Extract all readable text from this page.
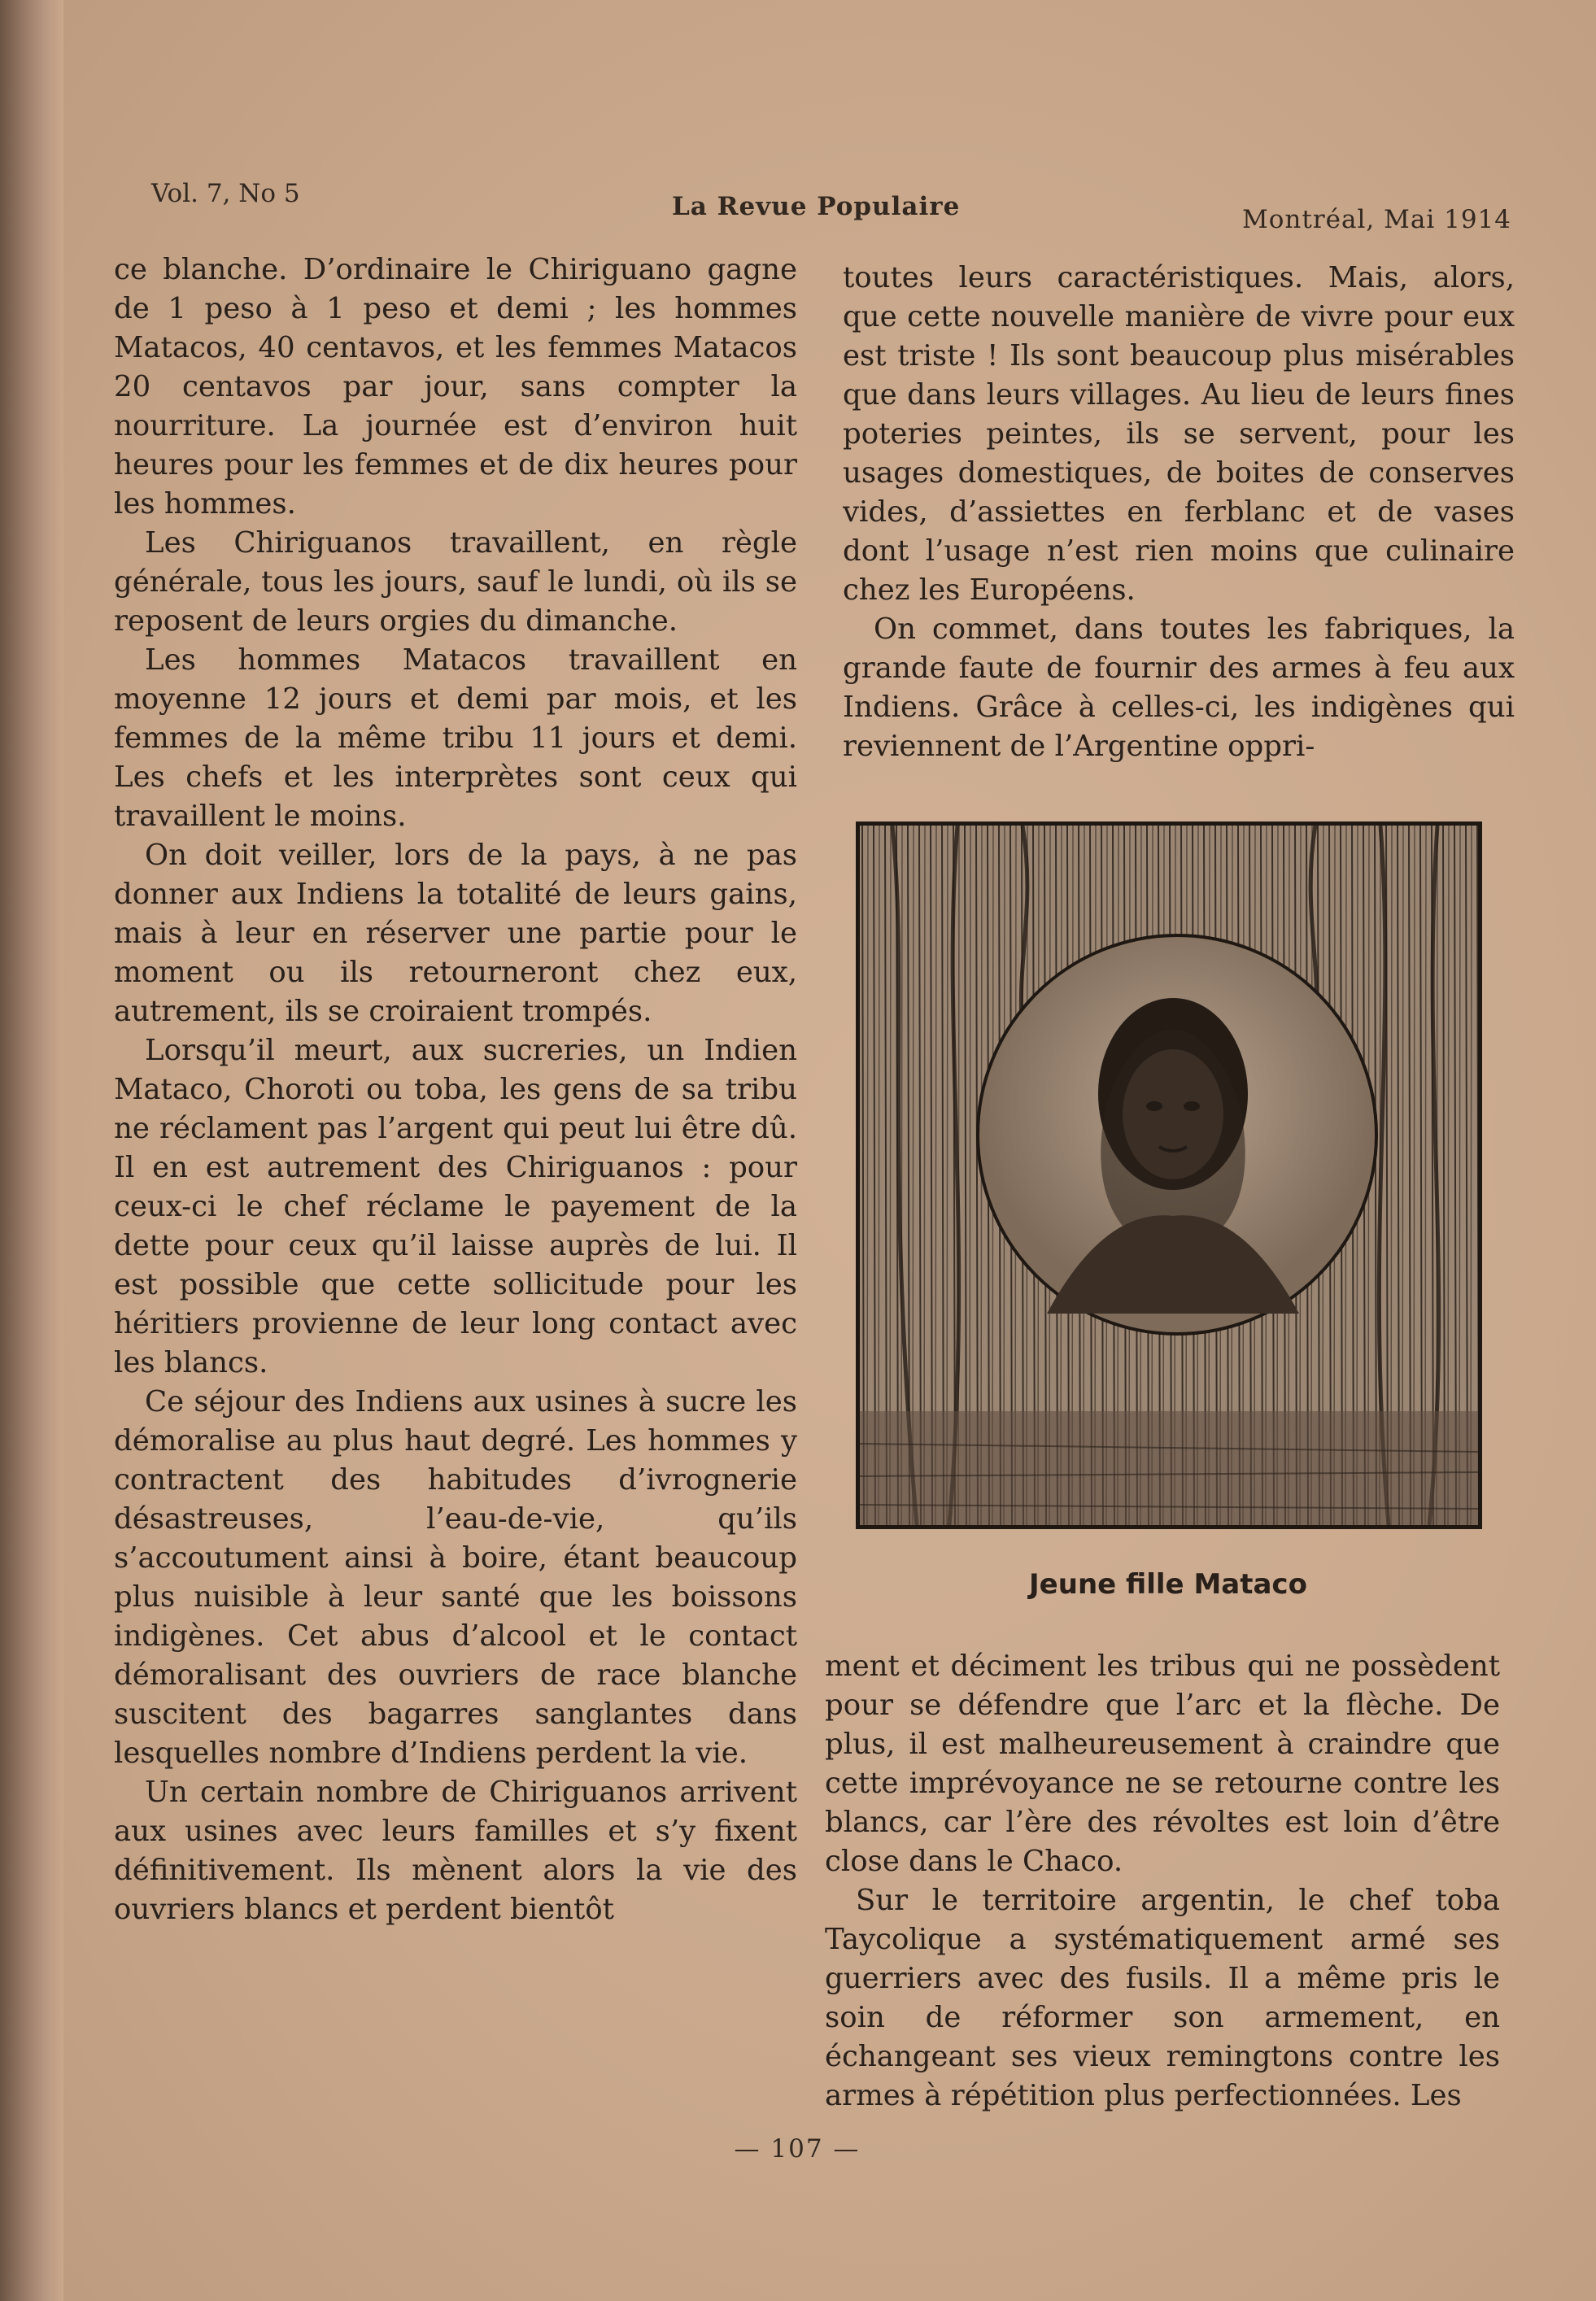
Vol. 7, No 5	La Revue Populaire	Montréal, Mai 1914

ce blanche. D’ordinaire le Chiriguano gagne de 1 peso à 1 peso et demi ; les hommes Matacos, 40 centavos, et les femmes Matacos 20 centavos par jour, sans compter la nourriture. La journée est d’environ huit heures pour les femmes et de dix heures pour les hommes.

Les Chiriguanos travaillent, en règle générale, tous les jours, sauf le lundi, où ils se reposent de leurs orgies du dimanche.

Les hommes Matacos travaillent en moyenne 12 jours et demi par mois, et les femmes de la même tribu 11 jours et demi. Les chefs et les interprètes sont ceux qui travaillent le moins.

On doit veiller, lors de la pays, à ne pas donner aux Indiens la totalité de leurs gains, mais à leur en réserver une partie pour le moment ou ils retourneront chez eux, autrement, ils se croiraient trompés.

Lorsqu’il meurt, aux sucreries, un Indien Mataco, Choroti ou toba, les gens de sa tribu ne réclament pas l’argent qui peut lui être dû. Il en est autrement des Chiriguanos : pour ceux-ci le chef réclame le payement de la dette pour ceux qu’il laisse auprès de lui. Il est possible que cette sollicitude pour les héritiers provienne de leur long contact avec les blancs.

Ce séjour des Indiens aux usines à sucre les démoralise au plus haut degré. Les hommes y contractent des habitudes d’ivrognerie désastreuses, l’eau-de-vie, qu’ils s’accoutument ainsi à boire, étant beaucoup plus nuisible à leur santé que les boissons indigènes. Cet abus d’alcool et le contact démoralisant des ouvriers de race blanche suscitent des bagarres sanglantes dans lesquelles nombre d’Indiens perdent la vie.

Un certain nombre de Chiriguanos arrivent aux usines avec leurs familles et s’y fixent définitivement. Ils mènent alors la vie des ouvriers blancs et perdent bientôt

toutes leurs caractéristiques. Mais, alors, que cette nouvelle manière de vivre pour eux est triste ! Ils sont beaucoup plus misérables que dans leurs villages. Au lieu de leurs fines poteries peintes, ils se servent, pour les usages domestiques, de boites de conserves vides, d’assiettes en ferblanc et de vases dont l’usage n’est rien moins que culinaire chez les Européens.

On commet, dans toutes les fabriques, la grande faute de fournir des armes à feu aux Indiens. Grâce à celles-ci, les indigènes qui reviennent de l’Argentine oppri-

Jeune fille Mataco

ment et déciment les tribus qui ne possèdent pour se défendre que l’arc et la flèche. De plus, il est malheureusement à craindre que cette imprévoyance ne se retourne contre les blancs, car l’ère des révoltes est loin d’être close dans le Chaco.

Sur le territoire argentin, le chef toba Taycolique a systématiquement armé ses guerriers avec des fusils. Il a même pris le soin de réformer son armement, en échangeant ses vieux remingtons contre les armes à répétition plus perfectionnées. Les

— 107 —
